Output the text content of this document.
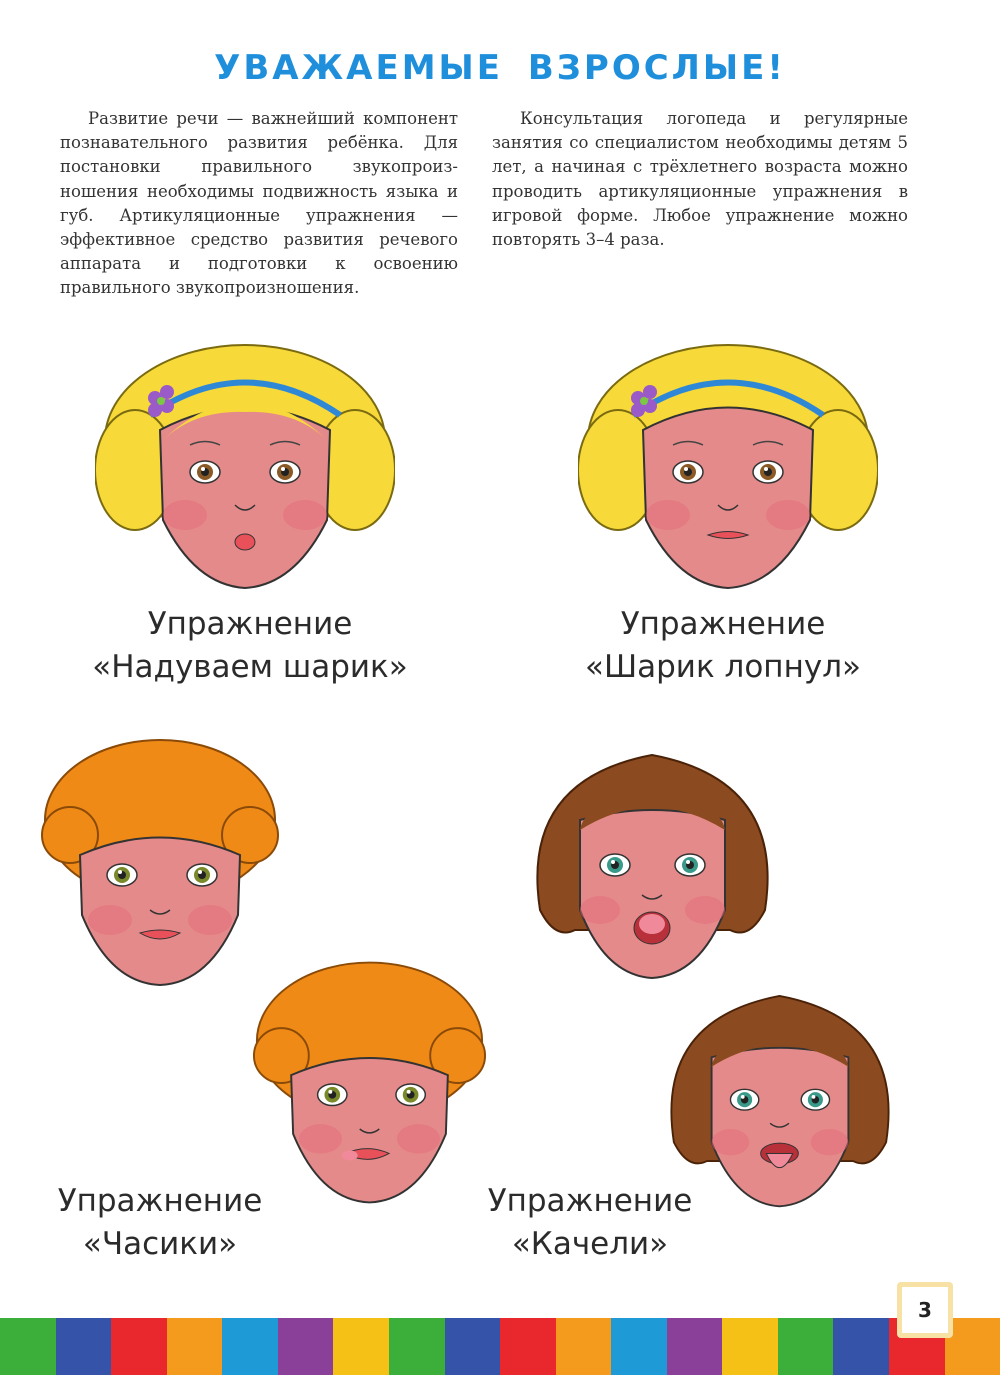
УВАЖАЕМЫЕ ВЗРОСЛЫЕ!

Развитие речи — важнейший компонент познавательного развития ребёнка. Для постановки правильного звукопроизношения необходимы подвижность языка и губ. Артикуляционные упражнения — эффективное средство развития речевого аппарата и подготовки к освоению правильного звукопроизношения.

Консультация логопеда и регулярные занятия со специалистом необходимы детям 5 лет, а начиная с трёхлетнего возраста можно проводить артикуляционные упражнения в игровой форме. Любое упражнение можно повторять 3–4 раза.

Упражнение
«Надуваем шарик»
Упражнение
«Шарик лопнул»
Упражнение
«Часики»
Упражнение
«Качели»
3
